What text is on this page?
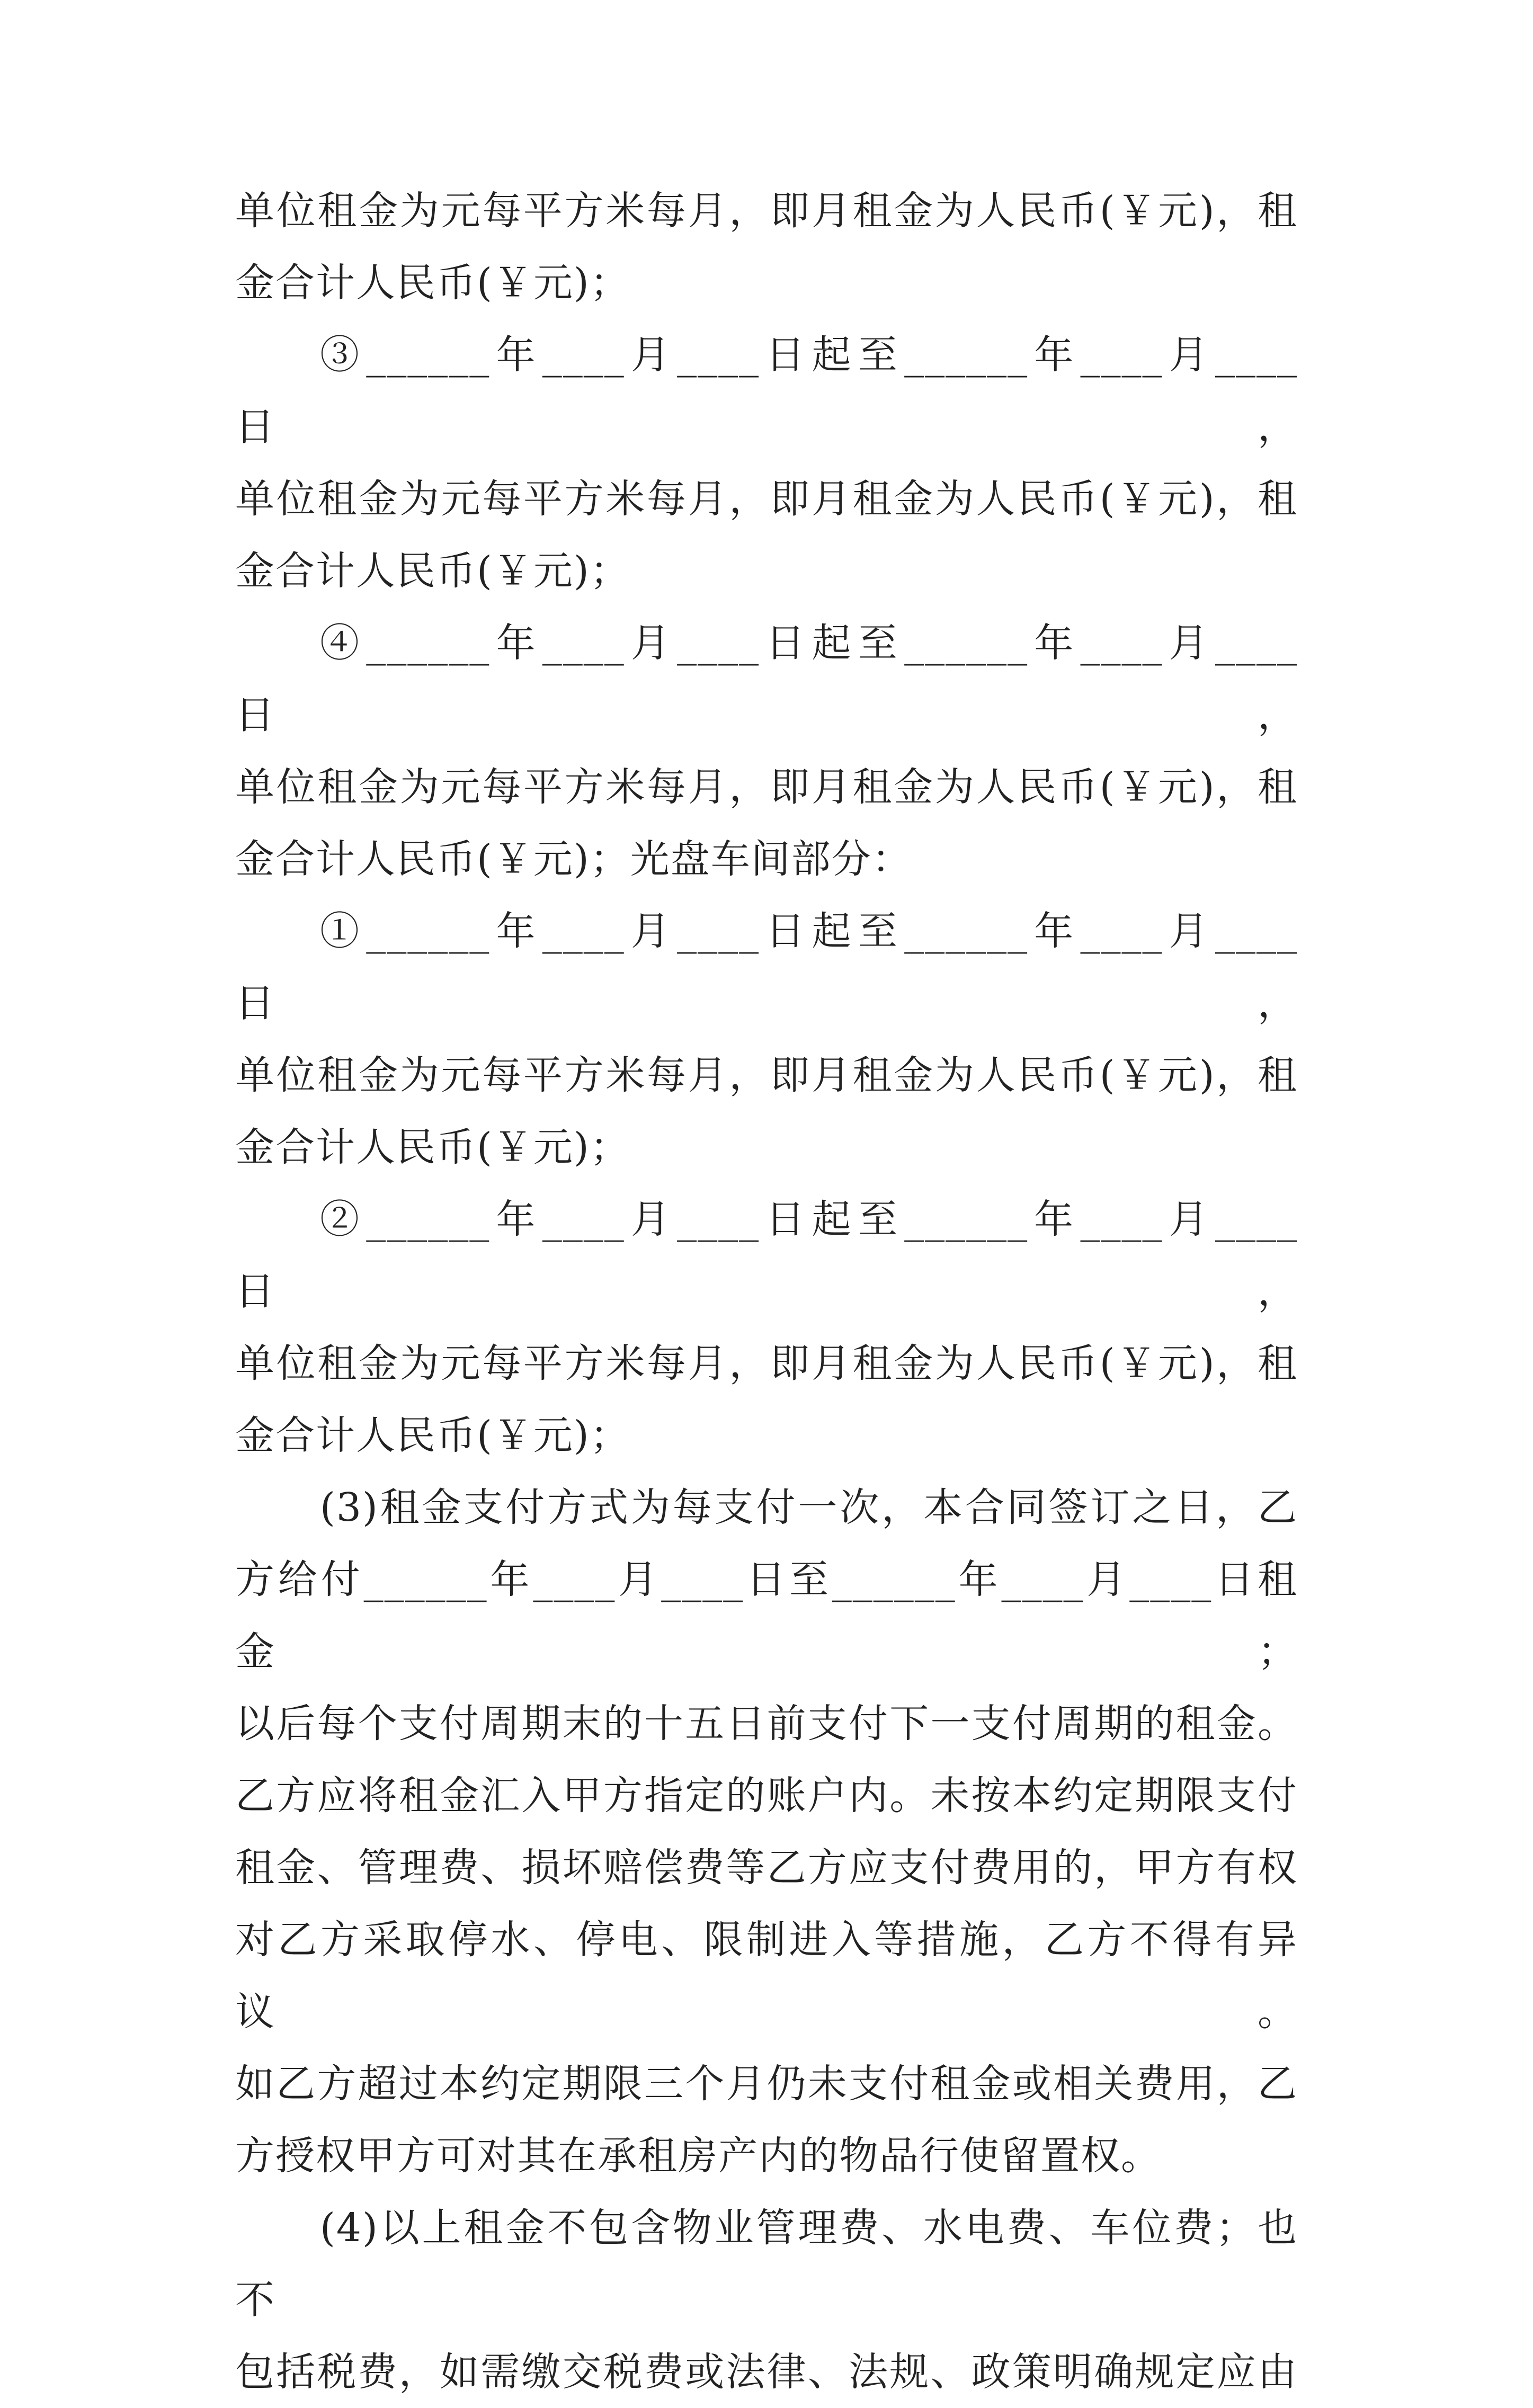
单位租金为元每平方米每月，即月租金为人民币(￥元)，租
金合计人民币(￥元)；
③______年____月____日起至______年____月____日，
单位租金为元每平方米每月，即月租金为人民币(￥元)，租
金合计人民币(￥元)；
④______年____月____日起至______年____月____日，
单位租金为元每平方米每月，即月租金为人民币(￥元)，租
金合计人民币(￥元)；光盘车间部分：
①______年____月____日起至______年____月____日，
单位租金为元每平方米每月，即月租金为人民币(￥元)，租
金合计人民币(￥元)；
②______年____月____日起至______年____月____日，
单位租金为元每平方米每月，即月租金为人民币(￥元)，租
金合计人民币(￥元)；
(3)租金支付方式为每支付一次，本合同签订之日，乙
方给付______年____月____日至______年____月____日租金；
以后每个支付周期末的十五日前支付下一支付周期的租金。
乙方应将租金汇入甲方指定的账户内。未按本约定期限支付
租金、管理费、损坏赔偿费等乙方应支付费用的，甲方有权
对乙方采取停水、停电、限制进入等措施，乙方不得有异议。
如乙方超过本约定期限三个月仍未支付租金或相关费用，乙
方授权甲方可对其在承租房产内的物品行使留置权。
(4)以上租金不包含物业管理费、水电费、车位费；也不
包括税费，如需缴交税费或法律、法规、政策明确规定应由
